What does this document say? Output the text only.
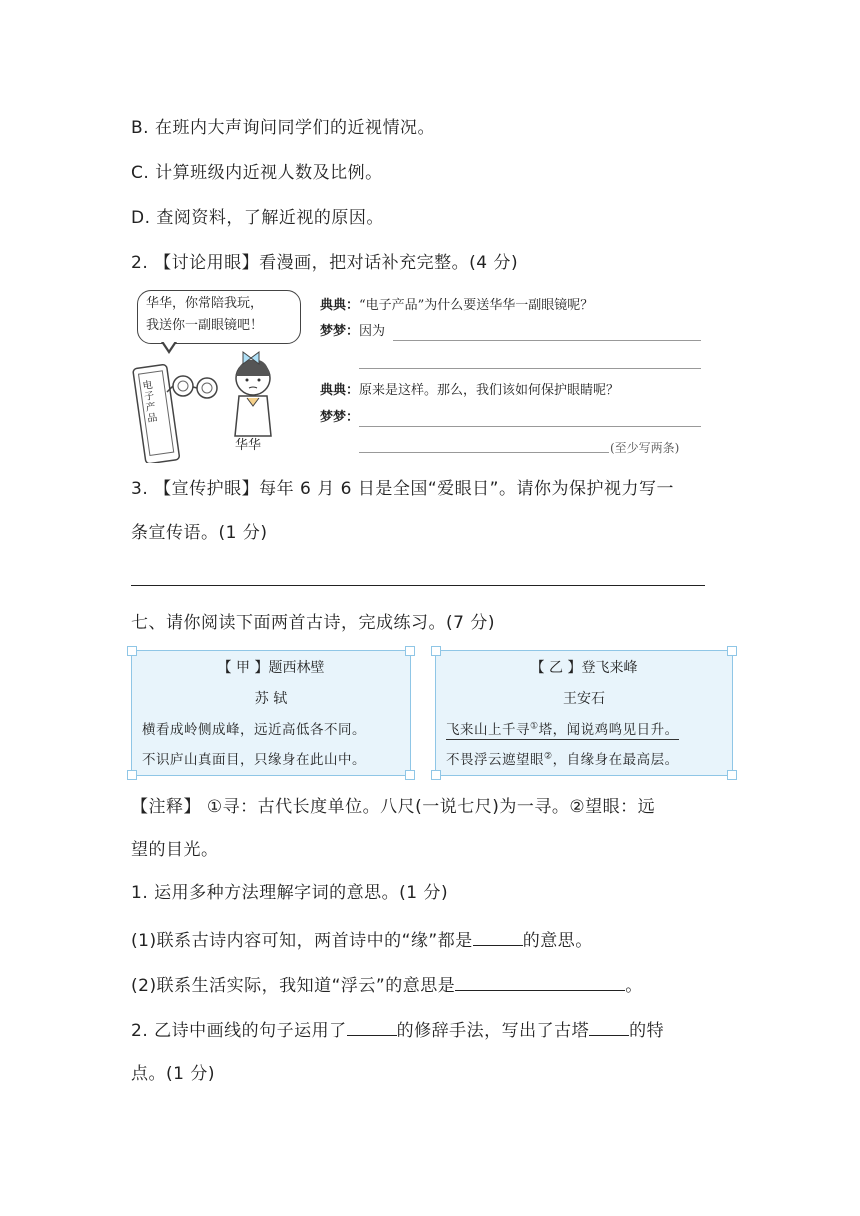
B. 在班内大声询问同学们的近视情况。
C. 计算班级内近视人数及比例。
D. 查阅资料，了解近视的原因。
2. 【讨论用眼】看漫画，把对话补充完整。(4 分)
华华，你常陪我玩，
我送你一副眼镜吧！
电子产品
华华
典典：“电子产品”为什么要送华华一副眼镜呢？
梦梦：因为
典典：原来是这样。那么，我们该如何保护眼睛呢？
梦梦：
(至少写两条)
3. 【宣传护眼】每年 6 月 6 日是全国“爱眼日”。请你为保护视力写一
条宣传语。(1 分)
七、请你阅读下面两首古诗，完成练习。(7 分)
【 甲 】题西林壁
苏 轼
横看成岭侧成峰，远近高低各不同。
不识庐山真面目，只缘身在此山中。
【 乙 】登飞来峰
王安石
飞来山上千寻①塔，闻说鸡鸣见日升。
不畏浮云遮望眼②，自缘身在最高层。
【注释】 ①寻：古代长度单位。八尺(一说七尺)为一寻。②望眼：远
望的目光。
1. 运用多种方法理解字词的意思。(1 分)
(1)联系古诗内容可知，两首诗中的“缘”都是	的意思。
(2)联系生活实际，我知道“浮云”的意思是	。
2. 乙诗中画线的句子运用了	的修辞手法，写出了古塔 的特
点。(1 分)
